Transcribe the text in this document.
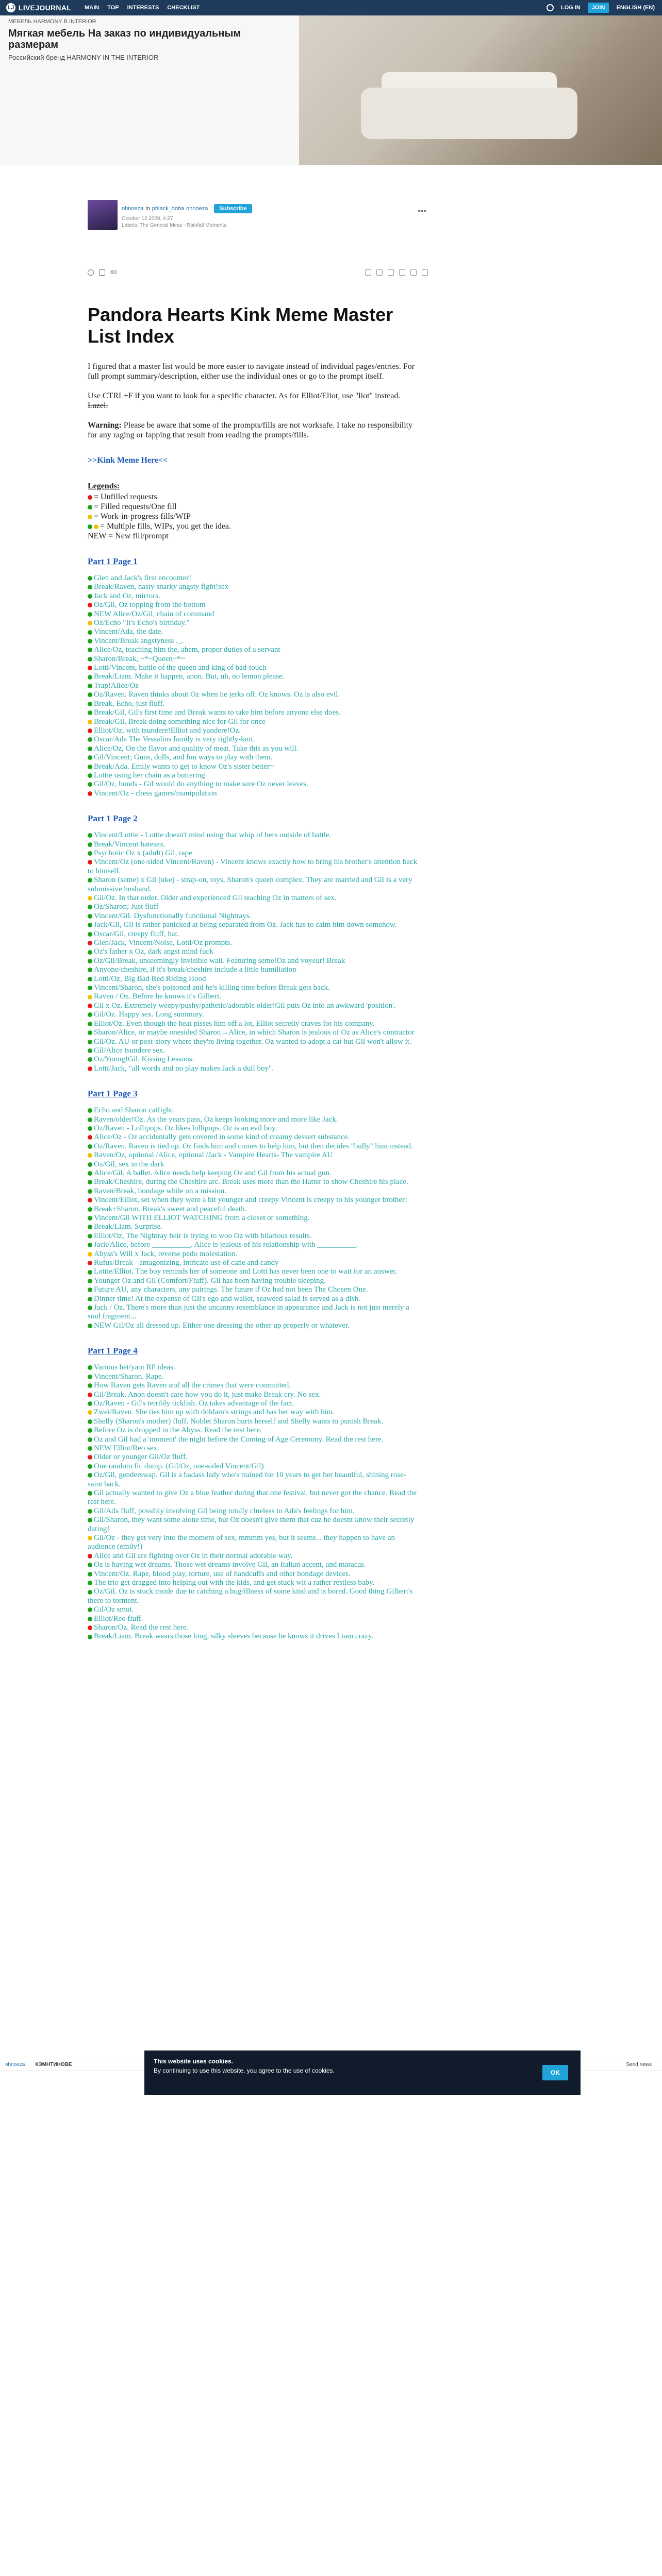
LJ LIVEJOURNAL MAIN TOP INTERESTS CHECKLIST	LOG IN	JOIN	ENGLISH (EN)
МЕБЕЛЬ HARMONY В INTERIOR
Мягкая мебель На заказ по индивидуальным размерам
Российский бренд HARMONY IN THE INTERIOR
ohnoeza in phlack_ooba ohnoeza	Subscribe
October 12 2009, 4:27
Labels: The General Mess - Rainfall Moments
•••
60
Pandora Hearts Kink Meme Master List Index

I figured that a master list would be more easier to navigate instead of individual pages/entries. For full prompt summary/description, either use the individual ones or go to the prompt itself.

Use CTRL+F if you want to look for a specific character. As for Elliot/Eliot, use "liot" instead. Lazel.

Warning: Please be aware that some of the prompts/fills are not worksafe. I take no responsibility for any raging or fapping that result from reading the prompts/fills.

>>Kink Meme Here<<
Legends:
= Unfilled requests
= Filled requests/One fill
= Work-in-progress fills/WIP
= Multiple fills, WIPs, you get the idea.
NEW = New fill/prompt
Part 1 Page 1
Glen and Jack's first encounter!
Break/Raven, nasty snarky angsty fight!sex
Jack and Oz, mirrors.
Oz/Gil, Oz topping from the bottom
NEW Alice/Oz/Gil, chain of command
Oz/Echo "It's Echo's birthday."
Vincent/Ada, the date.
Vincent/Break angstyness ._.
Alice/Oz, teaching him the, ahem, proper duties of a servant
Sharon/Break, ~*~Queen~*~
Lotti/Vincent, battle of the queen and king of bad-touch
Break/Liam. Make it happen, anon. But, uh, no lemon please.
Trap!Alice/Oz
Oz/Raven. Raven thinks about Oz when he jerks off. Oz knows. Oz is also evil.
Break, Echo, just fluff.
Break/Gil, Gil's first time and Break wants to take him before anyone else does.
Break/Gil, Break doing something nice for Gil for once
Elliot/Oz, with tsundere!Elliot and yandere!Oz.
Oscar/Ada The Vessalius family is very tightly-knit.
Alice/Oz, On the flavor and quality of meat. Take this as you will.
Gil/Vincent; Guns, dolls, and fun ways to play with them.
Break/Ada. Emily wants to get to know Oz's sister better~
Lottie using her chain as a buttering
Gil/Oz, bonds - Gil would do anything to make sure Oz never leaves.
Vincent/Oz - chess games/manipulation
Part 1 Page 2
Vincent/Lottie - Lottie doesn't mind using that whip of hers outside of battle.
Break/Vincent hatesex.
Psychotic Oz x (adult) Gil, rape
Vincent/Oz (one-sided Vincent/Raven) - Vincent knows exactly how to bring his brother's attention back to himself.
Sharon (seme) x Gil (uke) - strap-on, toys, Sharon's queen complex. They are married and Gil is a very submissive husband.
Gil/Oz. In that order. Older and experienced Gil teaching Oz in matters of sex.
Oz/Sharon; Just fluff
Vincent/Gil. Dysfunctionally functional Nightrays.
Jack/Gil, Gil is rather panicked at being separated from Oz. Jack has to calm him down somehow.
Oscar/Gil, creepy fluff, hat.
Glen/Jack, Vincent/Noise, Lotti/Oz prompts.
Oz's father x Oz, dark angst mind fuck
Oz/Gil/Break, unseemingly invisible wall. Featuring seme!Oz and voyeur! Break
Anyone/cheshire, if it's break/cheshire include a little humiliation
Lotti/Oz, Big Bad Red Riding Hood
Vincent/Sharon, she's poisoned and he's killing time before Break gets back.
Raven / Oz. Before he knows it's Gilbert.
Gil x Oz. Extremely weepy/pushy/pathetic/adorable older!Gil puts Oz into an awkward 'position'.
Gil/Oz. Happy sex. Long summary.
Elliot/Oz. Even though the heat pisses him off a lot, Elliot secretly craves for his company.
Sharon/Alice, or maybe onesided Sharon→Alice, in which Sharon is jealous of Oz as Alice's contractor
Gil/Oz. AU or post-story where they're living together. Oz wanted to adopt a cat but Gil won't allow it.
Gil/Alice tsundere sex.
Oz/Young!Gil. Kissing Lessons.
Lotti/Jack, "all words and no play makes Jack a dull boy".
Part 1 Page 3
Echo and Sharon catfight.
Raven/older!Oz. As the years pass, Oz keeps looking more and more like Jack.
Oz/Raven - Lollipops. Oz likes lollipops. Oz is an evil boy.
Alice/Oz - Oz accidentally gets covered in some kind of creamy dessert substance.
Oz/Raven. Raven is tied up. Oz finds him and comes to help him, but then decides "bully" him instead.
Raven/Oz, optional /Alice, optional /Jack - Vampire Hearts- The vampire AU
Oz/Gil, sex in the dark
Alice/Gil. A ballet. Alice needs help keeping Oz and Gil from his actual gun.
Break/Cheshire, during the Cheshire arc. Break uses more than the Hatter to show Cheshire his place.
Raven/Break, bondage while on a mission.
Vincent/Elliot, set when they were a bit younger and creepy Vincent is creepy to his younger brother!
Break+Sharon. Break's sweet and peaceful death.
Vincent/Gil WITH ELLIOT WATCHING from a closet or something.
Break/Liam. Surprise.
Elliot/Oz, The Nightray heir is trying to woo Oz with hilarious results.
Jack/Alice, before __________. Alice is jealous of his relationship with __________.
Abyss's Will x Jack, reverse pedo molestation.
Rufus/Break - antagonizing, intricate use of cane and candy
Lottie/Elliot. The boy reminds her of someone and Lotti has never been one to wait for an answer.
Younger Oz and Gil (Comfort/Fluff). Gil has been having trouble sleeping.
Future AU, any characters, any pairings. The future if Oz had not been The Chosen One.
Dinner time! At the expense of Gil's ego and wallet, seaweed salad is served as a dish.
Jack / Oz. There's more than just the uncanny resemblance in appearance and Jack is not just merely a soul fragment...
NEW Gil/Oz all dressed up. Either one dressing the other up properly or whatever.
Part 1 Page 4
Various het/yaoi RP ideas.
Vincent/Sharon. Rape.
How Raven gets Raven and all the crimes that were committed.
Gil/Break. Anon doesn't care how you do it, just make Break cry. No sex.
Oz/Raven - Gil's terribly ticklish. Oz takes advantage of the fact.
Zwei/Raven. She ties him up with doldam's strings and has her way with him.
Shelly (Sharon's mother) fluff. Noblet Sharon hurts herself and Shelly wants to punish Break.
Before Oz is dropped in the Abyss. Read the rest here.
Oz and Gil had a 'moment' the night before the Coming of Age Ceremony. Read the rest here.
NEW Elliot/Reo sex.
Older or younger Gil/Oz fluff.
One random fic dump. (Gil/Oz, one-sided Vincent/Gil)
Oz/Gil, genderswap. Gil is a badass lady who's trained for 10 years to get her beautiful, shining rose-saint back.
Gil actually wanted to give Oz a blue feather during that one festival, but never got the chance. Read the rest here.
Gil/Ada fluff, possibly involving Gil being totally clueless to Ada's feelings for him.
Gil/Sharon, they want some alone time, but Oz doesn't give them that cuz he doesnt know their secretly dating!
Gil/Oz - they get very into the moment of sex, mmmm yes, but it seems... they happen to have an audience (emily!)
Alice and Gil are fighting over Oz in their normal adorable way.
Oz is having wet dreams. Those wet dreams involve Gil, an Italian accent, and maracas.
Vincent/Oz. Rape, blood play, torture, use of handcuffs and other bondage devices.
The trio get dragged into helping out with the kids, and get stuck wit a rather restless baby.
Oz/Gil. Oz is stuck inside due to catching a bug/illness of some kind and is bored. Good thing Gilbert's there to torment.
Gil/Oz smut.
Elliot/Reo fluff.
Sharon/Oz. Read the rest here.
Break/Liam. Break wears those long, silky sleeves because he knows it drives Liam crazy.
ohnoeza КЭМНТИНОВЕ	Send news
This website uses cookies.
By continuing to use this website, you agree to the use of cookies.	OK
